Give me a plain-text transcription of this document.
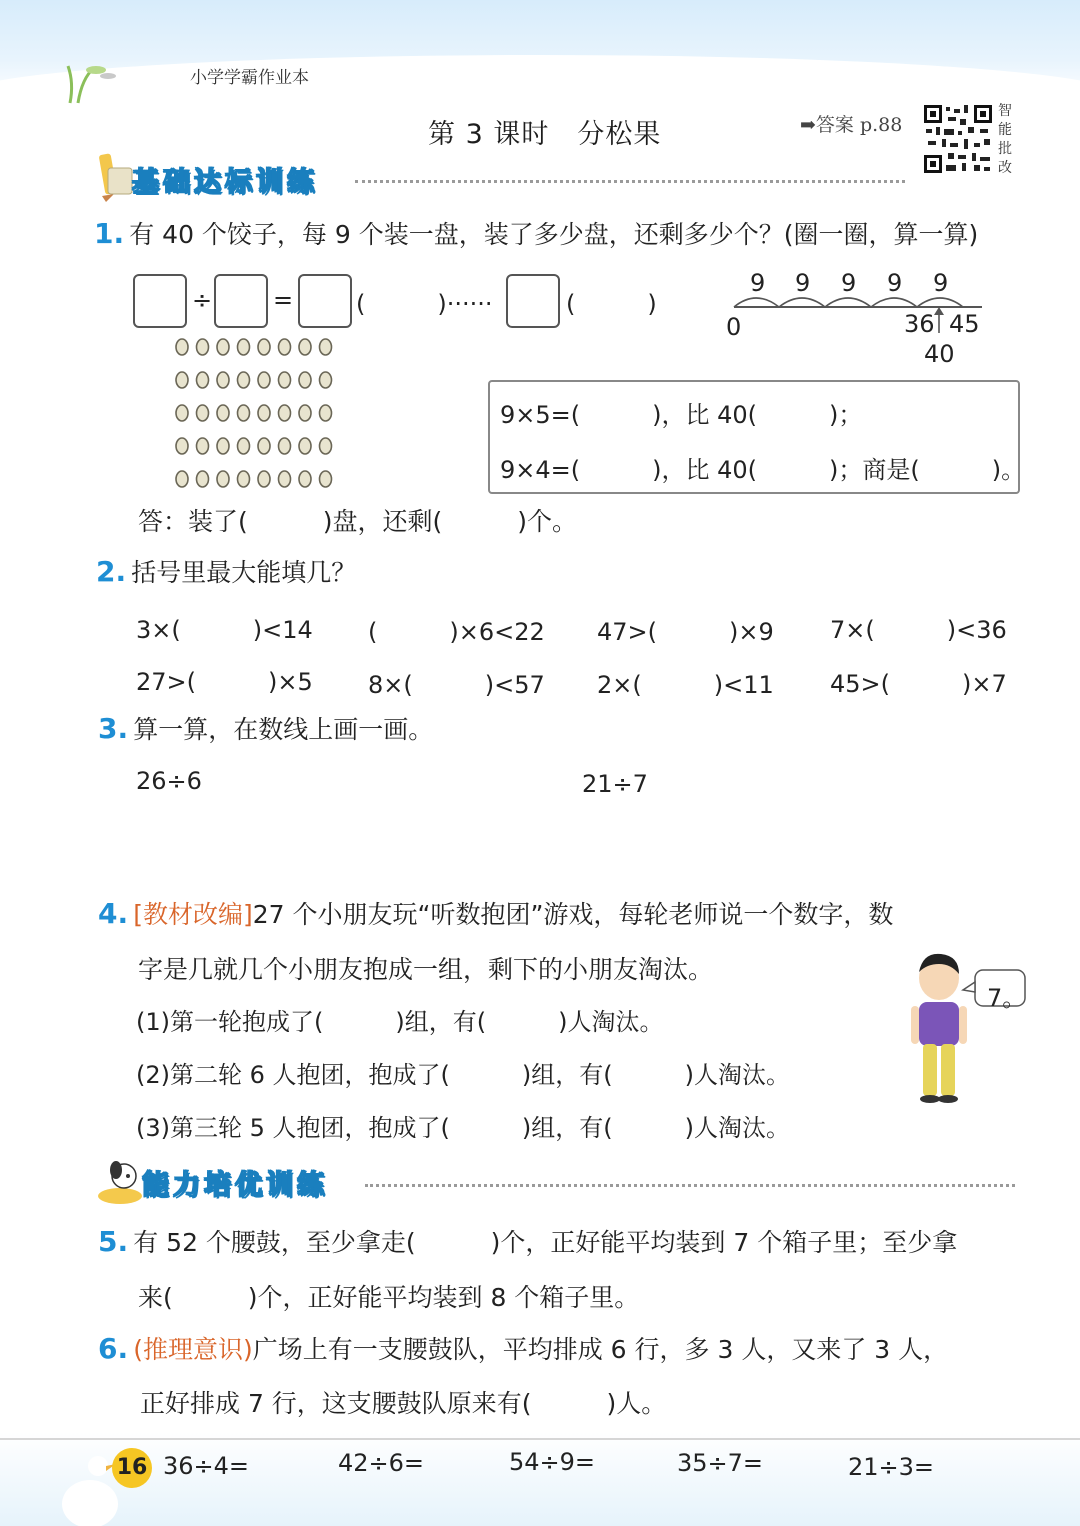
小学学霸作业本
第 3 课时　分松果	➡答案 p.88
智能批改
基础达标训练
1. 有 40 个饺子，每 9 个装一盘，装了多少盘，还剩多少个？(圈一圈，算一算)
÷	=	(　　　)······	(　　　)
9 9 9 9 9
0	36 45
40
9×5=(　　　)，比 40(　　　)；
9×4=(　　　)，比 40(　　　)；商是(　　　)。
答：装了(　　　)盘，还剩(　　　)个。
2. 括号里最大能填几？
3×(　　　)<14 (　　　)×6<22 47>(　　　)×9 7×(　　　)<36
27>(　　　)×5 8×(　　　)<57 2×(　　　)<11 45>(　　　)×7
3. 算一算，在数线上画一画。
26÷6	21÷7
4. [教材改编]27 个小朋友玩“听数抱团”游戏，每轮老师说一个数字，数
字是几就几个小朋友抱成一组，剩下的小朋友淘汰。
(1)第一轮抱成了(　　　)组，有(　　　)人淘汰。
(2)第二轮 6 人抱团，抱成了(　　　)组，有(　　　)人淘汰。
(3)第三轮 5 人抱团，抱成了(　　　)组，有(　　　)人淘汰。
7。
能力培优训练
5. 有 52 个腰鼓，至少拿走(　　　)个，正好能平均装到 7 个箱子里；至少拿
来(　　　)个，正好能平均装到 8 个箱子里。
6. (推理意识)广场上有一支腰鼓队，平均排成 6 行，多 3 人，又来了 3 人，
正好排成 7 行，这支腰鼓队原来有(　　　)人。
16 36÷4=	42÷6=	54÷9=	35÷7=	21÷3=
